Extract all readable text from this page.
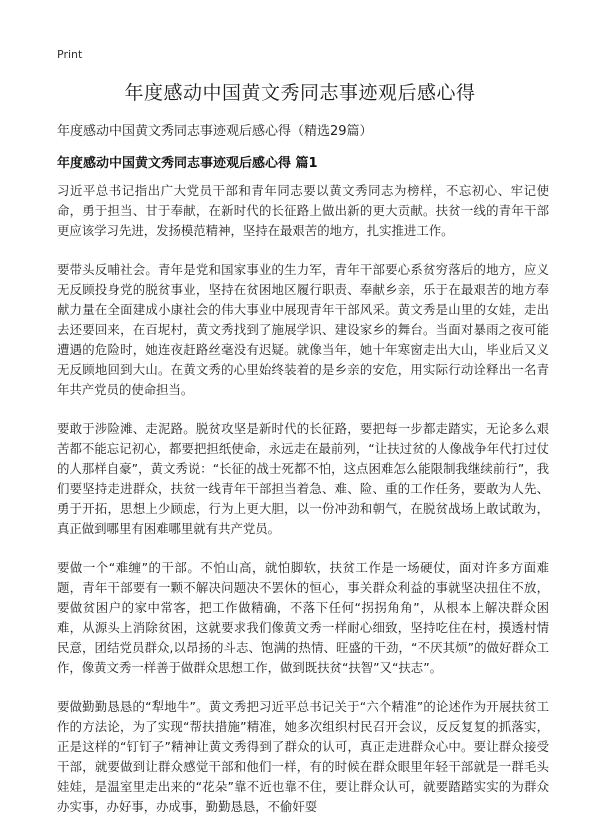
Print
年度感动中国黄文秀同志事迹观后感心得
年度感动中国黄文秀同志事迹观后感心得（精选29篇）
年度感动中国黄文秀同志事迹观后感心得 篇1

习近平总书记指出广大党员干部和青年同志要以黄文秀同志为榜样，不忘初心、牢记使命，勇于担当、甘于奉献，在新时代的长征路上做出新的更大贡献。扶贫一线的青年干部更应该学习先进，发扬模范精神，坚持在最艰苦的地方，扎实推进工作。

要带头反哺社会。青年是党和国家事业的生力军，青年干部要心系贫穷落后的地方，应义无反顾投身党的脱贫事业，坚持在贫困地区履行职责、奉献乡亲，乐于在最艰苦的地方奉献力量在全面建成小康社会的伟大事业中展现青年干部风采。黄文秀是山里的女娃，走出去还要回来，在百坭村，黄文秀找到了施展学识、建设家乡的舞台。当面对暴雨之夜可能遭遇的危险时，她连夜赶路丝毫没有迟疑。就像当年，她十年寒窗走出大山，毕业后又义无反顾地回到大山。在黄文秀的心里始终装着的是乡亲的安危，用实际行动诠释出一名青年共产党员的使命担当。

要敢于涉险滩、走泥路。脱贫攻坚是新时代的长征路，要把每一步都走踏实，无论多么艰苦都不能忘记初心，都要把担纸使命，永远走在最前列，“让扶过贫的人像战争年代打过仗的人那样自豪”，黄文秀说：“长征的战士死都不怕，这点困难怎么能限制我继续前行”，我们要坚持走进群众，扶贫一线青年干部担当着急、难、险、重的工作任务，要敢为人先、勇于开拓，思想上少顾虑，行为上更大胆，以一份冲劲和朝气，在脱贫战场上敢试敢为，真正做到哪里有困难哪里就有共产党员。

要做一个“难缠”的干部。不怕山高，就怕脚软，扶贫工作是一场硬仗，面对许多方面难题，青年干部要有一颗不解决问题决不罢休的恒心，事关群众利益的事就坚决扭住不放，要做贫困户的家中常客，把工作做精确，不落下任何“拐拐角角”，从根本上解决群众困难，从源头上消除贫困，这就要求我们像黄文秀一样耐心细致，坚持吃住在村，摸透村情民意，团结党员群众,以昂扬的斗志、饱满的热情、旺盛的干劲，“不厌其烦”的做好群众工作，像黄文秀一样善于做群众思想工作，做到既扶贫“扶智”又“扶志”。

要做勤勤恳恳的“犁地牛”。黄文秀把习近平总书记关于“六个精准”的论述作为开展扶贫工作的方法论，为了实现“帮扶措施”精准，她多次组织村民召开会议，反反复复的抓落实，正是这样的“钉钉子”精神让黄文秀得到了群众的认可，真正走进群众心中。要让群众接受干部，就要做到让群众感觉干部和他们一样，有的时候在群众眼里年轻干部就是一群毛头娃娃，是温室里走出来的“花朵”靠不近也靠不住，要让群众认可，就要踏踏实实的为群众办实事，办好事，办成事，勤勤恳恳，不偷奸耍
